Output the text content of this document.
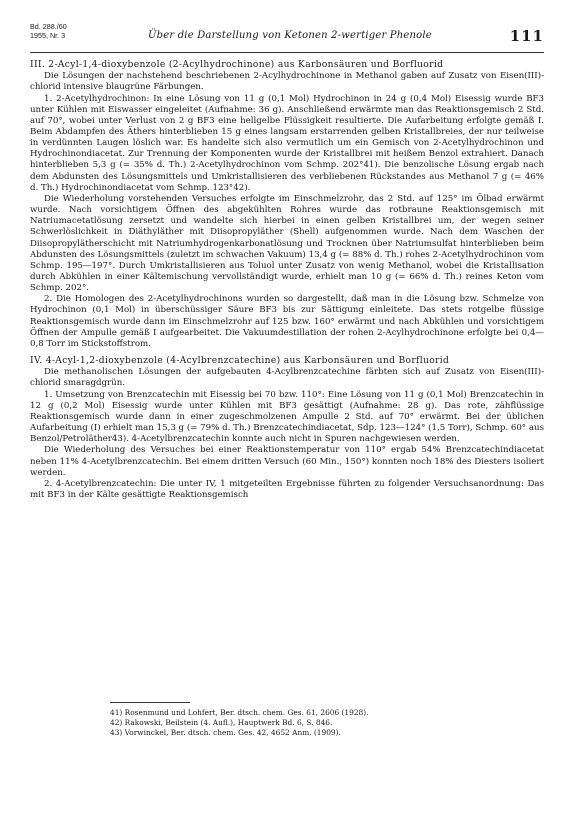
Bd. 288./60
1955, Nr. 3	Über die Darstellung von Ketonen 2-wertiger Phenole	111

III. 2-Acyl-1,4-dioxybenzole (2-Acylhydrochinone) aus Karbonsäuren und Borfluorid

Die Lösungen der nachstehend beschriebenen 2-Acylhydrochinone in Methanol gaben auf Zusatz von Eisen(III)-chlorid intensive blaugrüne Färbungen.

1. 2-Acetylhydrochinon: In eine Lösung von 11 g (0,1 Mol) Hydrochinon in 24 g (0,4 Mol) Eisessig wurde BF3 unter Kühlen mit Eiswasser eingeleitet (Aufnahme: 36 g). Anschließend erwärmte man das Reaktionsgemisch 2 Std. auf 70°, wobei unter Verlust von 2 g BF3 eine hellgelbe Flüssigkeit resultierte. Die Aufarbeitung erfolgte gemäß I. Beim Abdampfen des Äthers hinterblieben 15 g eines langsam erstarrenden gelben Kristallbreies, der nur teilweise in verdünnten Laugen löslich war. Es handelte sich also vermutlich um ein Gemisch von 2-Acetylhydrochinon und Hydrochinondiacetat. Zur Trennung der Komponenten wurde der Kristallbrei mit heißem Benzol extrahiert. Danach hinterblieben 5,3 g (= 35% d. Th.) 2-Acetylhydrochinon vom Schmp. 202°41). Die benzolische Lösung ergab nach dem Abdunsten des Lösungsmittels und Umkristallisieren des verbliebenen Rückstandes aus Methanol 7 g (= 46% d. Th.) Hydrochinondiacetat vom Schmp. 123°42).

Die Wiederholung vorstehenden Versuches erfolgte im Einschmelzrohr, das 2 Std. auf 125° im Ölbad erwärmt wurde. Nach vorsichtigem Öffnen des abgekühlten Rohres wurde das rotbraune Reaktionsgemisch mit Natriumacetatlösung zersetzt und wandelte sich hierbei in einen gelben Kristallbrei um, der wegen seiner Schwerlöslichkeit in Diäthyläther mit Diisopropyläther (Shell) aufgenommen wurde. Nach dem Waschen der Diisopropylätherschicht mit Natriumhydrogenkarbonatlösung und Trocknen über Natriumsulfat hinterblieben beim Abdunsten des Lösungsmittels (zuletzt im schwachen Vakuum) 13,4 g (= 88% d. Th.) rohes 2-Acetylhydrochinon vom Schmp. 195—197°. Durch Umkristallisieren aus Toluol unter Zusatz von wenig Methanol, wobei die Kristallisation durch Abkühlen in einer Kältemischung vervollständigt wurde, erhielt man 10 g (= 66% d. Th.) reines Keton vom Schmp. 202°.

2. Die Homologen des 2-Acetylhydrochinons wurden so dargestellt, daß man in die Lösung bzw. Schmelze von Hydrochinon (0,1 Mol) in überschüssiger Säure BF3 bis zur Sättigung einleitete. Das stets rotgelbe flüssige Reaktionsgemisch wurde dann im Einschmelzrohr auf 125 bzw. 160° erwärmt und nach Abkühlen und vorsichtigem Öffnen der Ampulle gemäß I aufgearbeitet. Die Vakuumdestillation der rohen 2-Acylhydrochinone erfolgte bei 0,4—0,8 Torr im Stickstoffstrom.

IV. 4-Acyl-1,2-dioxybenzole (4-Acylbrenzcatechine) aus Karbonsäuren und Borfluorid

Die methanolischen Lösungen der aufgebauten 4-Acylbrenzcatechine färbten sich auf Zusatz von Eisen(III)-chlorid smaragdgrün.

1. Umsetzung von Brenzcatechin mit Eisessig bei 70 bzw. 110°: Eine Lösung von 11 g (0,1 Mol) Brenzcatechin in 12 g (0,2 Mol) Eisessig wurde unter Kühlen mit BF3 gesättigt (Aufnahme: 28 g). Das rote, zähflüssige Reaktionsgemisch wurde dann in einer zugeschmolzenen Ampulle 2 Std. auf 70° erwärmt. Bei der üblichen Aufarbeitung (I) erhielt man 15,3 g (= 79% d. Th.) Brenzcatechindiacetat, Sdp. 123—124° (1,5 Torr), Schmp. 60° aus Benzol/Petroläther43). 4-Acetylbrenzcatechin konnte auch nicht in Spuren nachgewiesen werden.

Die Wiederholung des Versuches bei einer Reaktionstemperatur von 110° ergab 54% Brenzcatechindiacetat neben 11% 4-Acetylbrenzcatechin. Bei einem dritten Versuch (60 Min., 150°) konnten noch 18% des Diesters isoliert werden.

2. 4-Acetylbrenzcatechin: Die unter IV, 1 mitgeteilten Ergebnisse führten zu folgender Versuchsanordnung: Das mit BF3 in der Kälte gesättigte Reaktionsgemisch

41) Rosenmund und Lohfert, Ber. dtsch. chem. Ges. 61, 2606 (1928).
42) Rakowski, Beilstein (4. Aufl.), Hauptwerk Bd. 6, S. 846.
43) Vorwinckel, Ber. dtsch. chem. Ges. 42, 4652 Anm. (1909).
